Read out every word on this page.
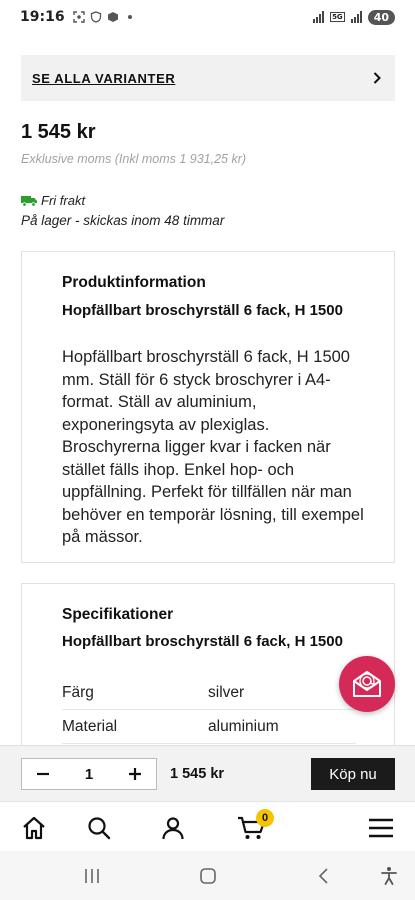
19:16	5G	40
SE ALLA VARIANTER
1 545 kr
Exklusive moms (Inkl moms 1 931,25 kr)
Fri frakt
På lager - skickas inom 48 timmar
Produktinformation
Hopfällbart broschyrställ 6 fack, H 1500
Hopfällbart broschyrställ 6 fack, H 1500 mm. Ställ för 6 styck broschyrer i A4-format. Ställ av aluminium, exponeringsyta av plexiglas. Broschyrerna ligger kvar i facken när stället fälls ihop. Enkel hop- och uppfällning. Perfekt för tillfällen när man behöver en temporär lösning, till exempel på mässor.
Specifikationer
Hopfällbart broschyrställ 6 fack, H 1500
Färg	silver
Material	aluminium
1	1 545 kr	Köp nu
0
